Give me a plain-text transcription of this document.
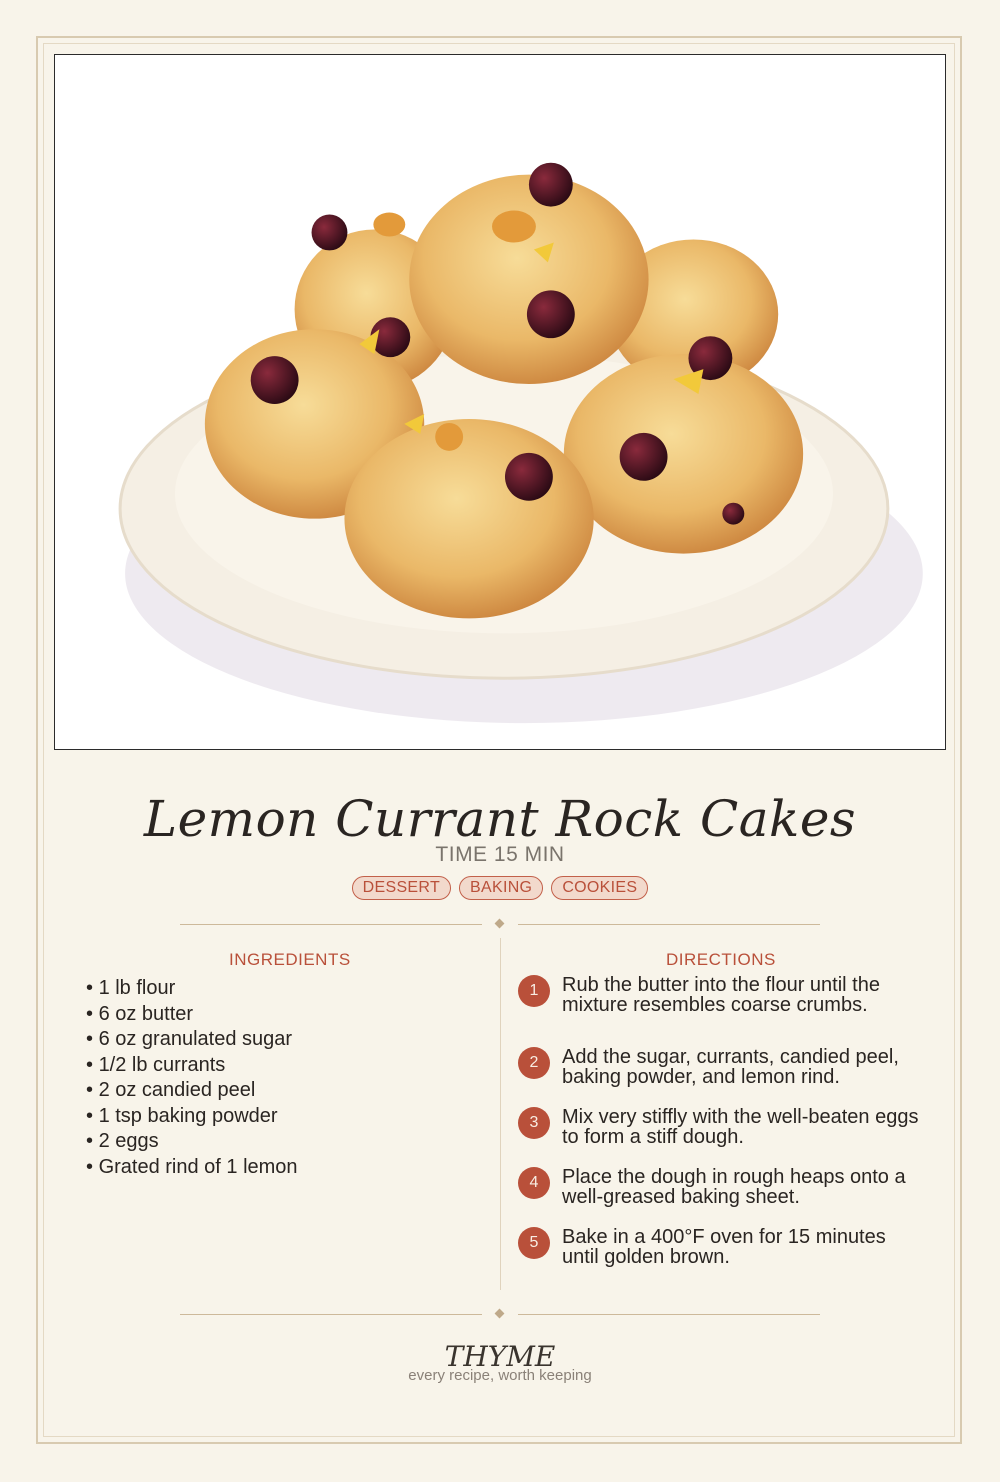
Lemon Currant Rock Cakes
TIME 15 MIN
DESSERT	BAKING	COOKIES
INGREDIENTS
• 1 lb flour
• 6 oz butter
• 6 oz granulated sugar
• 1/2 lb currants
• 2 oz candied peel
• 1 tsp baking powder
• 2 eggs
• Grated rind of 1 lemon
DIRECTIONS
1	Rub the butter into the flour until the mixture resembles coarse crumbs.
2	Add the sugar, currants, candied peel, baking powder, and lemon rind.
3	Mix very stiffly with the well-beaten eggs to form a stiff dough.
4	Place the dough in rough heaps onto a well-greased baking sheet.
5	Bake in a 400°F oven for 15 minutes until golden brown.
THYME
every recipe, worth keeping
